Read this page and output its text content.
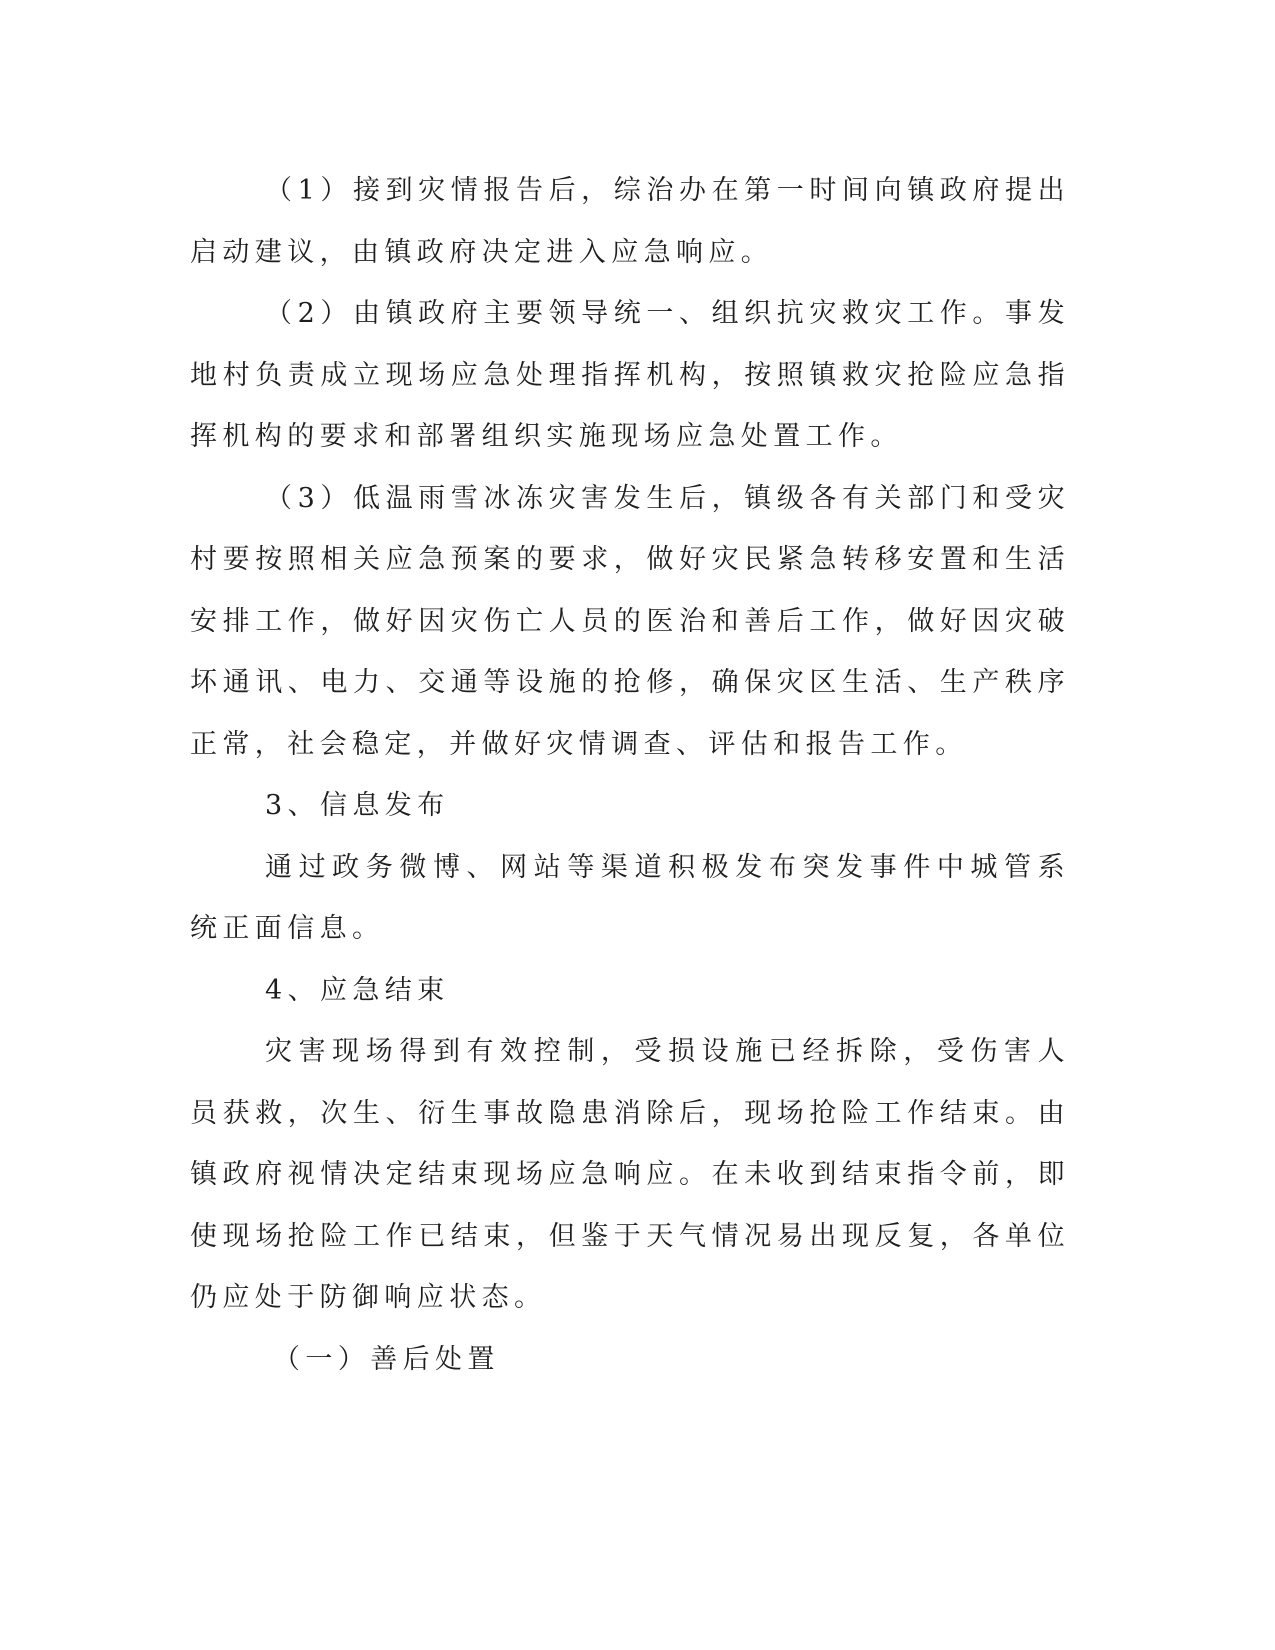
（1）接到灾情报告后，综治办在第一时间向镇政府提出启动建议，由镇政府决定进入应急响应。

（2）由镇政府主要领导统一、组织抗灾救灾工作。事发地村负责成立现场应急处理指挥机构，按照镇救灾抢险应急指挥机构的要求和部署组织实施现场应急处置工作。

（3）低温雨雪冰冻灾害发生后，镇级各有关部门和受灾村要按照相关应急预案的要求，做好灾民紧急转移安置和生活安排工作，做好因灾伤亡人员的医治和善后工作，做好因灾破坏通讯、电力、交通等设施的抢修，确保灾区生活、生产秩序正常，社会稳定，并做好灾情调查、评估和报告工作。

3、信息发布

通过政务微博、网站等渠道积极发布突发事件中城管系统正面信息。

4、应急结束

灾害现场得到有效控制，受损设施已经拆除，受伤害人员获救，次生、衍生事故隐患消除后，现场抢险工作结束。由镇政府视情决定结束现场应急响应。在未收到结束指令前，即使现场抢险工作已结束，但鉴于天气情况易出现反复，各单位仍应处于防御响应状态。

（一）善后处置
